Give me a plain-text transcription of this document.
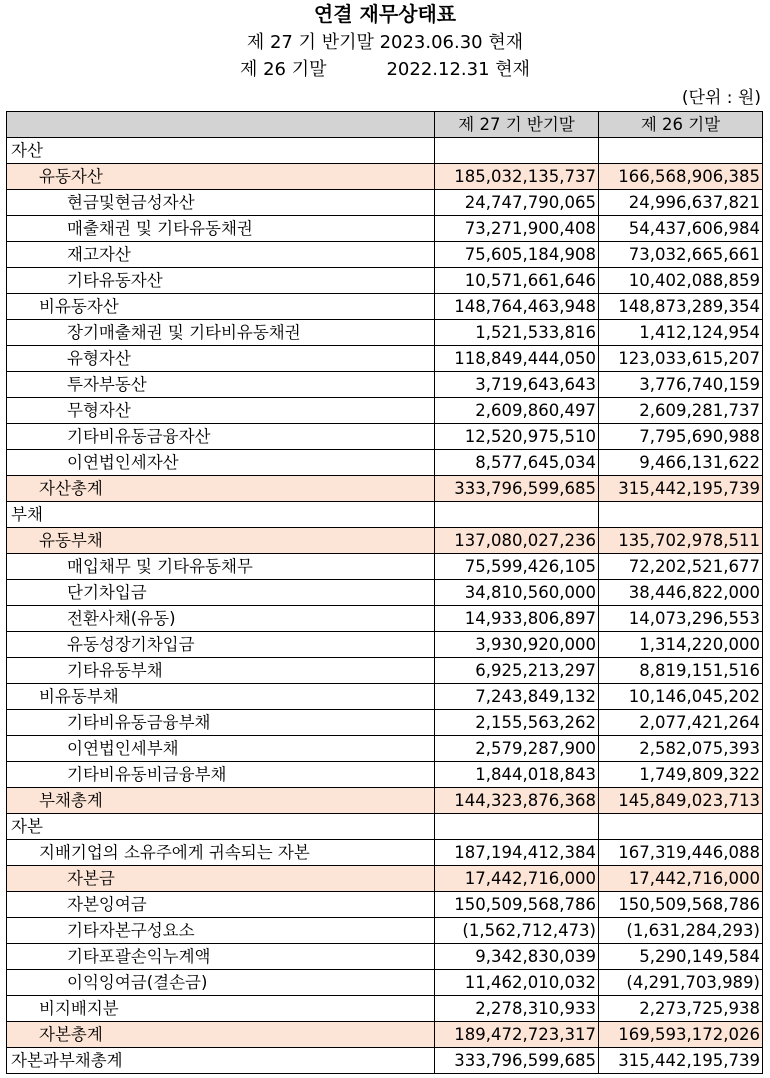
연결 재무상태표
제 27 기 반기말 2023.06.30 현재
제 26 기말	2022.12.31 현재
(단위 : 원)
	제 27 기 반기말	제 26 기말
자산		
유동자산	185,032,135,737	166,568,906,385
현금및현금성자산	24,747,790,065	24,996,637,821
매출채권 및 기타유동채권	73,271,900,408	54,437,606,984
재고자산	75,605,184,908	73,032,665,661
기타유동자산	10,571,661,646	10,402,088,859
비유동자산	148,764,463,948	148,873,289,354
장기매출채권 및 기타비유동채권	1,521,533,816	1,412,124,954
유형자산	118,849,444,050	123,033,615,207
투자부동산	3,719,643,643	3,776,740,159
무형자산	2,609,860,497	2,609,281,737
기타비유동금융자산	12,520,975,510	7,795,690,988
이연법인세자산	8,577,645,034	9,466,131,622
자산총계	333,796,599,685	315,442,195,739
부채		
유동부채	137,080,027,236	135,702,978,511
매입채무 및 기타유동채무	75,599,426,105	72,202,521,677
단기차입금	34,810,560,000	38,446,822,000
전환사채(유동)	14,933,806,897	14,073,296,553
유동성장기차입금	3,930,920,000	1,314,220,000
기타유동부채	6,925,213,297	8,819,151,516
비유동부채	7,243,849,132	10,146,045,202
기타비유동금융부채	2,155,563,262	2,077,421,264
이연법인세부채	2,579,287,900	2,582,075,393
기타비유동비금융부채	1,844,018,843	1,749,809,322
부채총계	144,323,876,368	145,849,023,713
자본		
지배기업의 소유주에게 귀속되는 자본	187,194,412,384	167,319,446,088
자본금	17,442,716,000	17,442,716,000
자본잉여금	150,509,568,786	150,509,568,786
기타자본구성요소	(1,562,712,473)	(1,631,284,293)
기타포괄손익누계액	9,342,830,039	5,290,149,584
이익잉여금(결손금)	11,462,010,032	(4,291,703,989)
비지배지분	2,278,310,933	2,273,725,938
자본총계	189,472,723,317	169,593,172,026
자본과부채총계	333,796,599,685	315,442,195,739
